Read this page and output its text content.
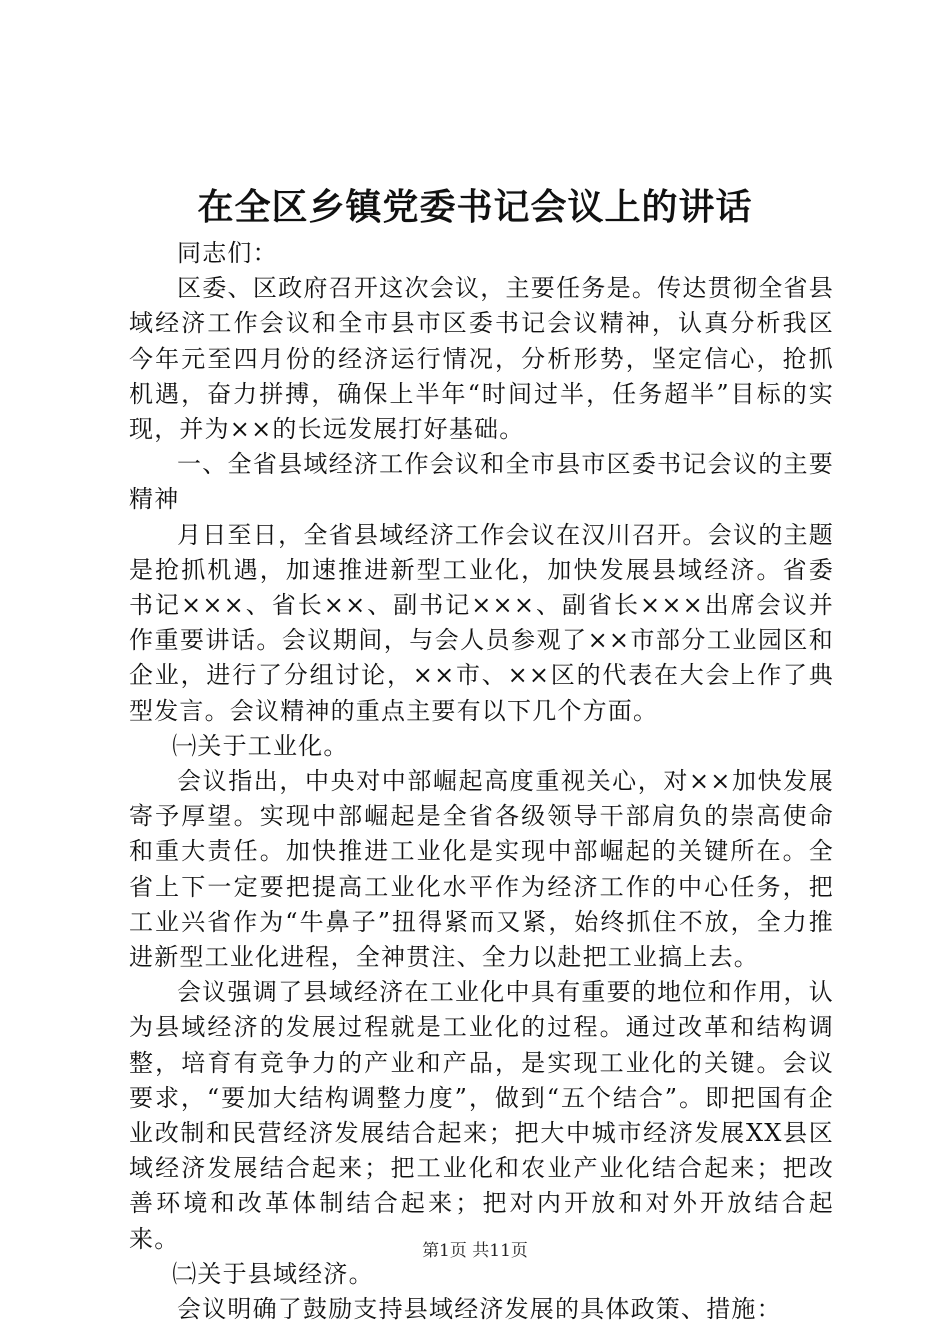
在全区乡镇党委书记会议上的讲话

同志们：

区委、区政府召开这次会议，主要任务是。传达贯彻全省县域经济工作会议和全市县市区委书记会议精神，认真分析我区今年元至四月份的经济运行情况，分析形势，坚定信心，抢抓机遇，奋力拼搏，确保上半年“时间过半，任务超半”目标的实现，并为××的长远发展打好基础。

一、全省县域经济工作会议和全市县市区委书记会议的主要精神

月日至日，全省县域经济工作会议在汉川召开。会议的主题是抢抓机遇，加速推进新型工业化，加快发展县域经济。省委书记×××、省长××、副书记×××、副省长×××出席会议并作重要讲话。会议期间，与会人员参观了××市部分工业园区和企业，进行了分组讨论，××市、××区的代表在大会上作了典型发言。会议精神的重点主要有以下几个方面。

㈠关于工业化。

会议指出，中央对中部崛起高度重视关心，对××加快发展寄予厚望。实现中部崛起是全省各级领导干部肩负的崇高使命和重大责任。加快推进工业化是实现中部崛起的关键所在。全省上下一定要把提高工业化水平作为经济工作的中心任务，把工业兴省作为“牛鼻子”扭得紧而又紧，始终抓住不放，全力推进新型工业化进程，全神贯注、全力以赴把工业搞上去。

会议强调了县域经济在工业化中具有重要的地位和作用，认为县域经济的发展过程就是工业化的过程。通过改革和结构调整，培育有竞争力的产业和产品，是实现工业化的关键。会议要求，“要加大结构调整力度”，做到“五个结合”。即把国有企业改制和民营经济发展结合起来；把大中城市经济发展XX县区域经济发展结合起来；把工业化和农业产业化结合起来；把改善环境和改革体制结合起来；把对内开放和对外开放结合起来。

㈡关于县域经济。

会议明确了鼓励支持县域经济发展的具体政策、措施：

第1页 共11页
